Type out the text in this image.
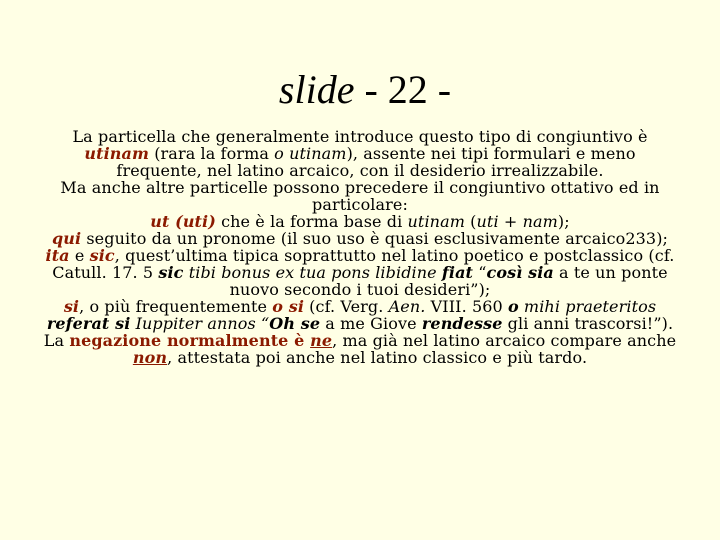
slide - 22 -

La particella che generalmente introduce questo tipo di congiuntivo è utinam (rara la forma o utinam), assente nei tipi formulari e meno frequente, nel latino arcaico, con il desiderio irrealizzabile.

Ma anche altre particelle possono precedere il congiuntivo ottativo ed in particolare:

ut (uti) che è la forma base di utinam (uti + nam);

qui seguito da un pronome (il suo uso è quasi esclusivamente arcaico233);

ita e sic, quest’ultima tipica soprattutto nel latino poetico e postclassico (cf. Catull. 17. 5 sic tibi bonus ex tua pons libidine fiat “così sia a te un ponte nuovo secondo i tuoi desideri”);

si, o più frequentemente o si (cf. Verg. Aen. VIII. 560 o mihi praeteritos referat si Iuppiter annos “Oh se a me Giove rendesse gli anni trascorsi!”).

La negazione normalmente è ne, ma già nel latino arcaico compare anche non, attestata poi anche nel latino classico e più tardo.
